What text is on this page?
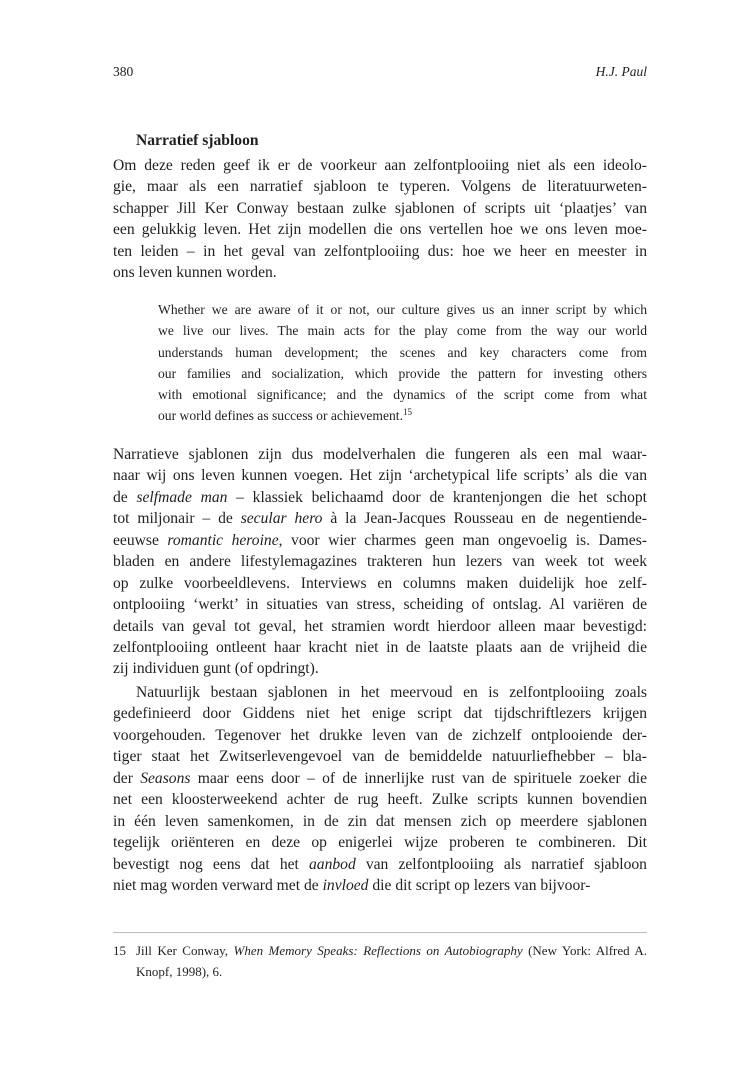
380	H.J. Paul
Narratief sjabloon
Om deze reden geef ik er de voorkeur aan zelfontplooiing niet als een ideolo-
gie, maar als een narratief sjabloon te typeren. Volgens de literatuurweten-
schapper Jill Ker Conway bestaan zulke sjablonen of scripts uit ‘plaatjes’ van
een gelukkig leven. Het zijn modellen die ons vertellen hoe we ons leven moe-
ten leiden – in het geval van zelfontplooiing dus: hoe we heer en meester in
ons leven kunnen worden.
Whether we are aware of it or not, our culture gives us an inner script by which
we live our lives. The main acts for the play come from the way our world
understands human development; the scenes and key characters come from
our families and socialization, which provide the pattern for investing others
with emotional significance; and the dynamics of the script come from what
our world defines as success or achievement.$^{15}$
Narratieve sjablonen zijn dus modelverhalen die fungeren als een mal waar-
naar wij ons leven kunnen voegen. Het zijn ‘archetypical life scripts’ als die van
de selfmade man – klassiek belichaamd door de krantenjongen die het schopt
tot miljonair – de secular hero à la Jean-Jacques Rousseau en de negentiende-
eeuwse romantic heroine, voor wier charmes geen man ongevoelig is. Dames-
bladen en andere lifestylemagazines trakteren hun lezers van week tot week
op zulke voorbeeldlevens. Interviews en columns maken duidelijk hoe zelf-
ontplooiing ‘werkt’ in situaties van stress, scheiding of ontslag. Al variëren de
details van geval tot geval, het stramien wordt hierdoor alleen maar bevestigd:
zelfontplooiing ontleent haar kracht niet in de laatste plaats aan de vrijheid die
zij individuen gunt (of opdringt).
Natuurlijk bestaan sjablonen in het meervoud en is zelfontplooiing zoals
gedefinieerd door Giddens niet het enige script dat tijdschriftlezers krijgen
voorgehouden. Tegenover het drukke leven van de zichzelf ontplooiende der-
tiger staat het Zwitserlevengevoel van de bemiddelde natuurliefhebber – bla-
der Seasons maar eens door – of de innerlijke rust van de spirituele zoeker die
net een kloosterweekend achter de rug heeft. Zulke scripts kunnen bovendien
in één leven samenkomen, in de zin dat mensen zich op meerdere sjablonen
tegelijk oriënteren en deze op enigerlei wijze proberen te combineren. Dit
bevestigt nog eens dat het aanbod van zelfontplooiing als narratief sjabloon
niet mag worden verward met de invloed die dit script op lezers van bijvoor-
15 Jill Ker Conway, When Memory Speaks: Reflections on Autobiography (New York: Alfred A.
Knopf, 1998), 6.
